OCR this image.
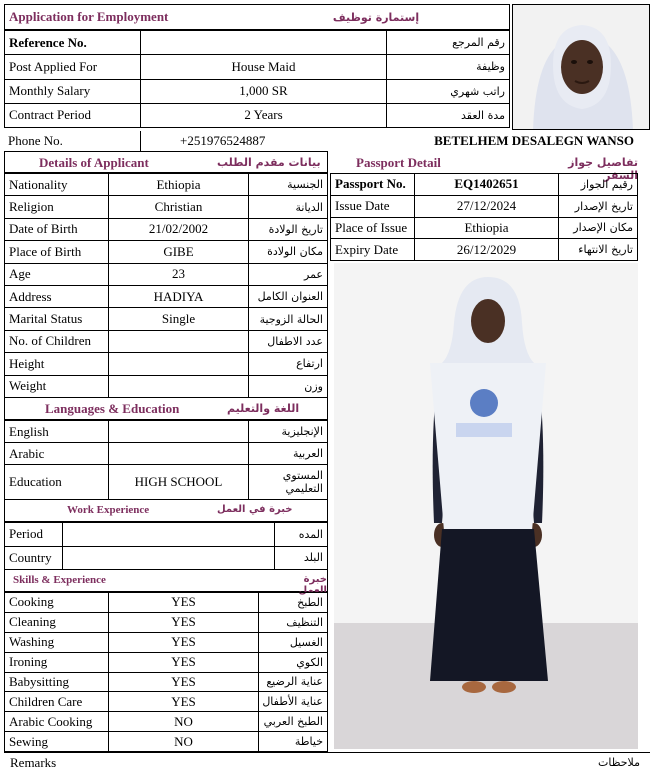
Application for Employment	إستمارة توظيف
Reference No.		رقم المرجع
Post Applied For	House Maid	وظيفة
Monthly Salary	1,000 SR	راتب شهري
Contract Period	2 Years	مدة العقد
Phone No.	+251976524887	BETELHEM DESALEGN WANSO
Details of Applicant	بيانات مقدم الطلب
Nationality	Ethiopia	الجنسية
Religion	Christian	الديانة
Date of Birth	21/02/2002	تاريخ الولادة
Place of Birth	GIBE	مكان الولادة
Age	23	عمر
Address	HADIYA	العنوان الكامل
Marital Status	Single	الحالة الزوجية
No. of Children		عدد الاطفال
Height		ارتفاع
Weight		وزن
Languages & Education	اللغة والتعليم
English		الإنجليزية
Arabic		العربية
Education	HIGH SCHOOL	المستوي التعليمي
Work Experience	خبرة في العمل
Period		المده
Country		البلد
Skills & Experience	خبرة العمل
Cooking	YES	الطبخ
Cleaning	YES	التنظيف
Washing	YES	الغسيل
Ironing	YES	الكوي
Babysitting	YES	عناية الرضيع
Children Care	YES	عناية الأطفال
Arabic Cooking	NO	الطبخ العربي
Sewing	NO	خياطة
Passport Detail	تفاصيل جواز السفر
Passport No.	EQ1402651	رقيم الجواز
Issue Date	27/12/2024	تاريخ الإصدار
Place of Issue	Ethiopia	مكان الإصدار
Expiry Date	26/12/2029	تاريخ الانتهاء
Remarks	ملاحظات
